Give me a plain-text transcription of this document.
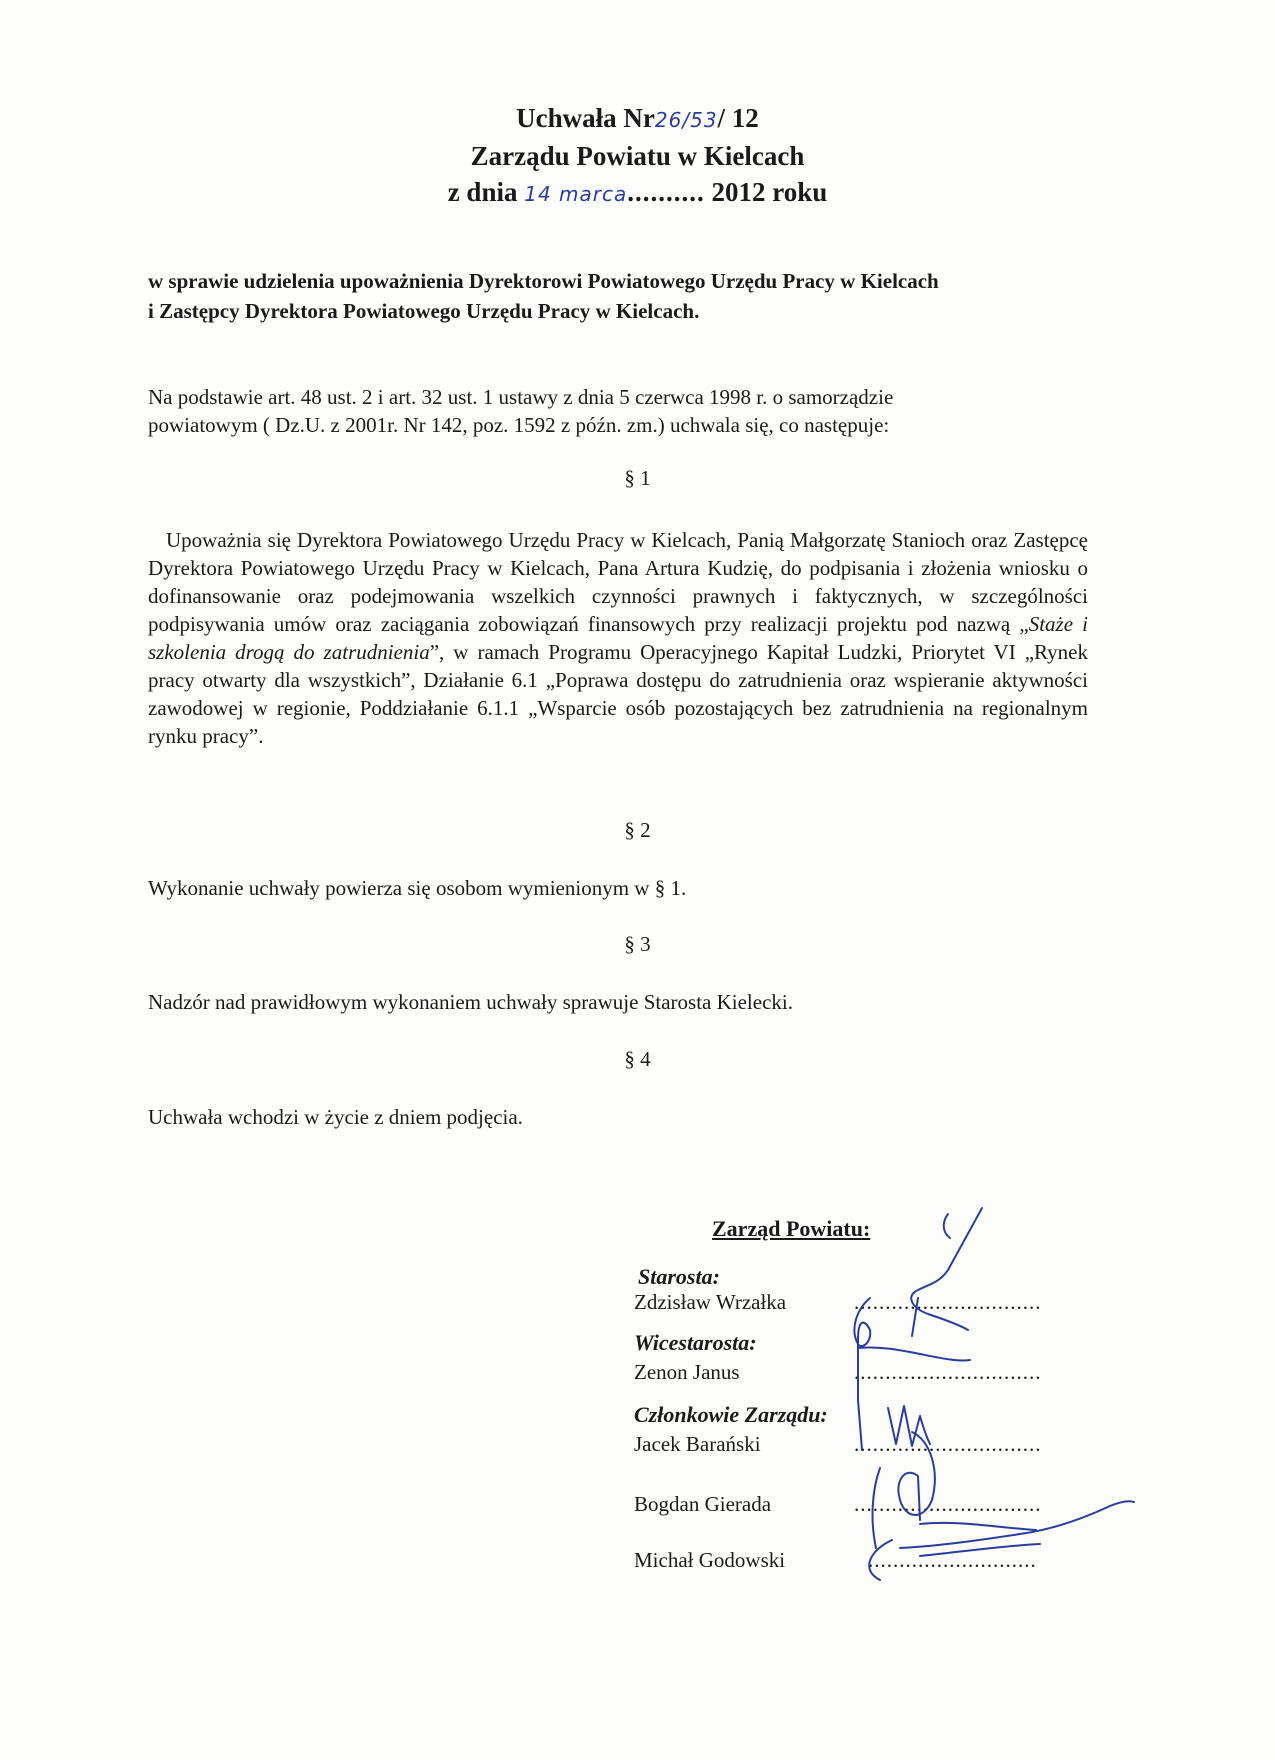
Uchwała Nr26/53/ 12
Zarządu Powiatu w Kielcach
z dnia 14 marca.......... 2012 roku
w sprawie udzielenia upoważnienia Dyrektorowi Powiatowego Urzędu Pracy w Kielcach
i Zastępcy Dyrektora Powiatowego Urzędu Pracy w Kielcach.
Na podstawie art. 48 ust. 2 i art. 32 ust. 1 ustawy z dnia 5 czerwca 1998 r. o samorządzie
powiatowym ( Dz.U. z 2001r. Nr 142, poz. 1592 z późn. zm.) uchwala się, co następuje:
§ 1
Upoważnia się Dyrektora Powiatowego Urzędu Pracy w Kielcach, Panią Małgorzatę Stanioch oraz Zastępcę Dyrektora Powiatowego Urzędu Pracy w Kielcach, Pana Artura Kudzię, do podpisania i złożenia wniosku o dofinansowanie oraz podejmowania wszelkich czynności prawnych i faktycznych, w szczególności podpisywania umów oraz zaciągania zobowiązań finansowych przy realizacji projektu pod nazwą „Staże i szkolenia drogą do zatrudnienia”, w ramach Programu Operacyjnego Kapitał Ludzki, Priorytet VI „Rynek pracy otwarty dla wszystkich”, Działanie 6.1 „Poprawa dostępu do zatrudnienia oraz wspieranie aktywności zawodowej w regionie, Poddziałanie 6.1.1 „Wsparcie osób pozostających bez zatrudnienia na regionalnym rynku pracy”.
§ 2
Wykonanie uchwały powierza się osobom wymienionym w § 1.
§ 3
Nadzór nad prawidłowym wykonaniem uchwały sprawuje Starosta Kielecki.
§ 4
Uchwała wchodzi w życie z dniem podjęcia.
Zarząd Powiatu:
Starosta:
Zdzisław Wrzałka	..............................
Wicestarosta:
Zenon Janus	..............................
Członkowie Zarządu:
Jacek Barański	..............................
Bogdan Gierada	..............................
Michał Godowski	...........................
